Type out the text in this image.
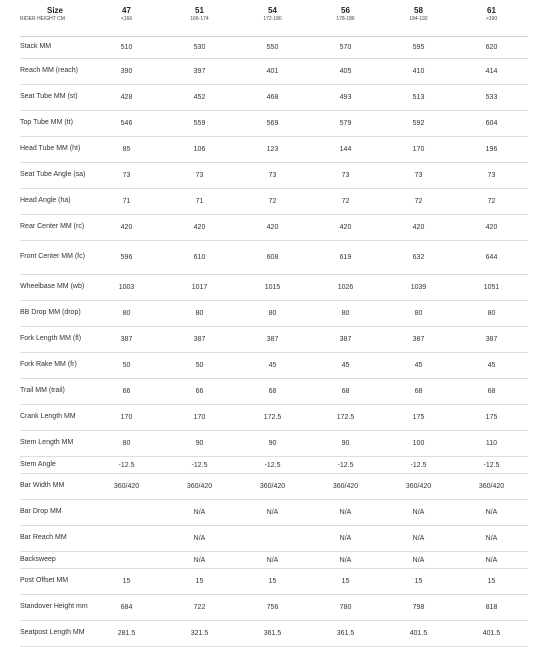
Size	47	51	54	56	58	61
RIDER HEIGHT CM	<166	166-174	172-180	178-186	184-192	>190
Stack MM	510	530	550	570	595	620
Reach MM (reach)	390	397	401	405	410	414
Seat Tube MM (st)	428	452	468	493	513	533
Top Tube MM (tt)	546	559	569	579	592	604
Head Tube MM (ht)	85	106	123	144	170	196
Seat Tube Angle (sa)	73	73	73	73	73	73
Head Angle (ha)	71	71	72	72	72	72
Rear Center MM (rc)	420	420	420	420	420	420
Front Center MM (fc)	596	610	608	619	632	644
Wheelbase MM (wb)	1003	1017	1015	1026	1039	1051
BB Drop MM (drop)	80	80	80	80	80	80
Fork Length MM (fl)	387	387	387	387	387	387
Fork Rake MM (fr)	50	50	45	45	45	45
Trail MM (trail)	66	66	68	68	68	68
Crank Length MM	170	170	172.5	172.5	175	175
Stem Length MM	80	90	90	90	100	110
Stem Angle	-12.5	-12.5	-12.5	-12.5	-12.5	-12.5
Bar Width MM	360/420	360/420	360/420	360/420	360/420	360/420
Bar Drop MM		N/A	N/A	N/A	N/A	N/A
Bar Reach MM		N/A		N/A	N/A	N/A
Backsweep		N/A	N/A	N/A	N/A	N/A
Post Offset MM	15	15	15	15	15	15
Standover Height mm	684	722	756	780	798	818
Seatpost Length MM	281.5	321.5	361.5	361.5	401.5	401.5
